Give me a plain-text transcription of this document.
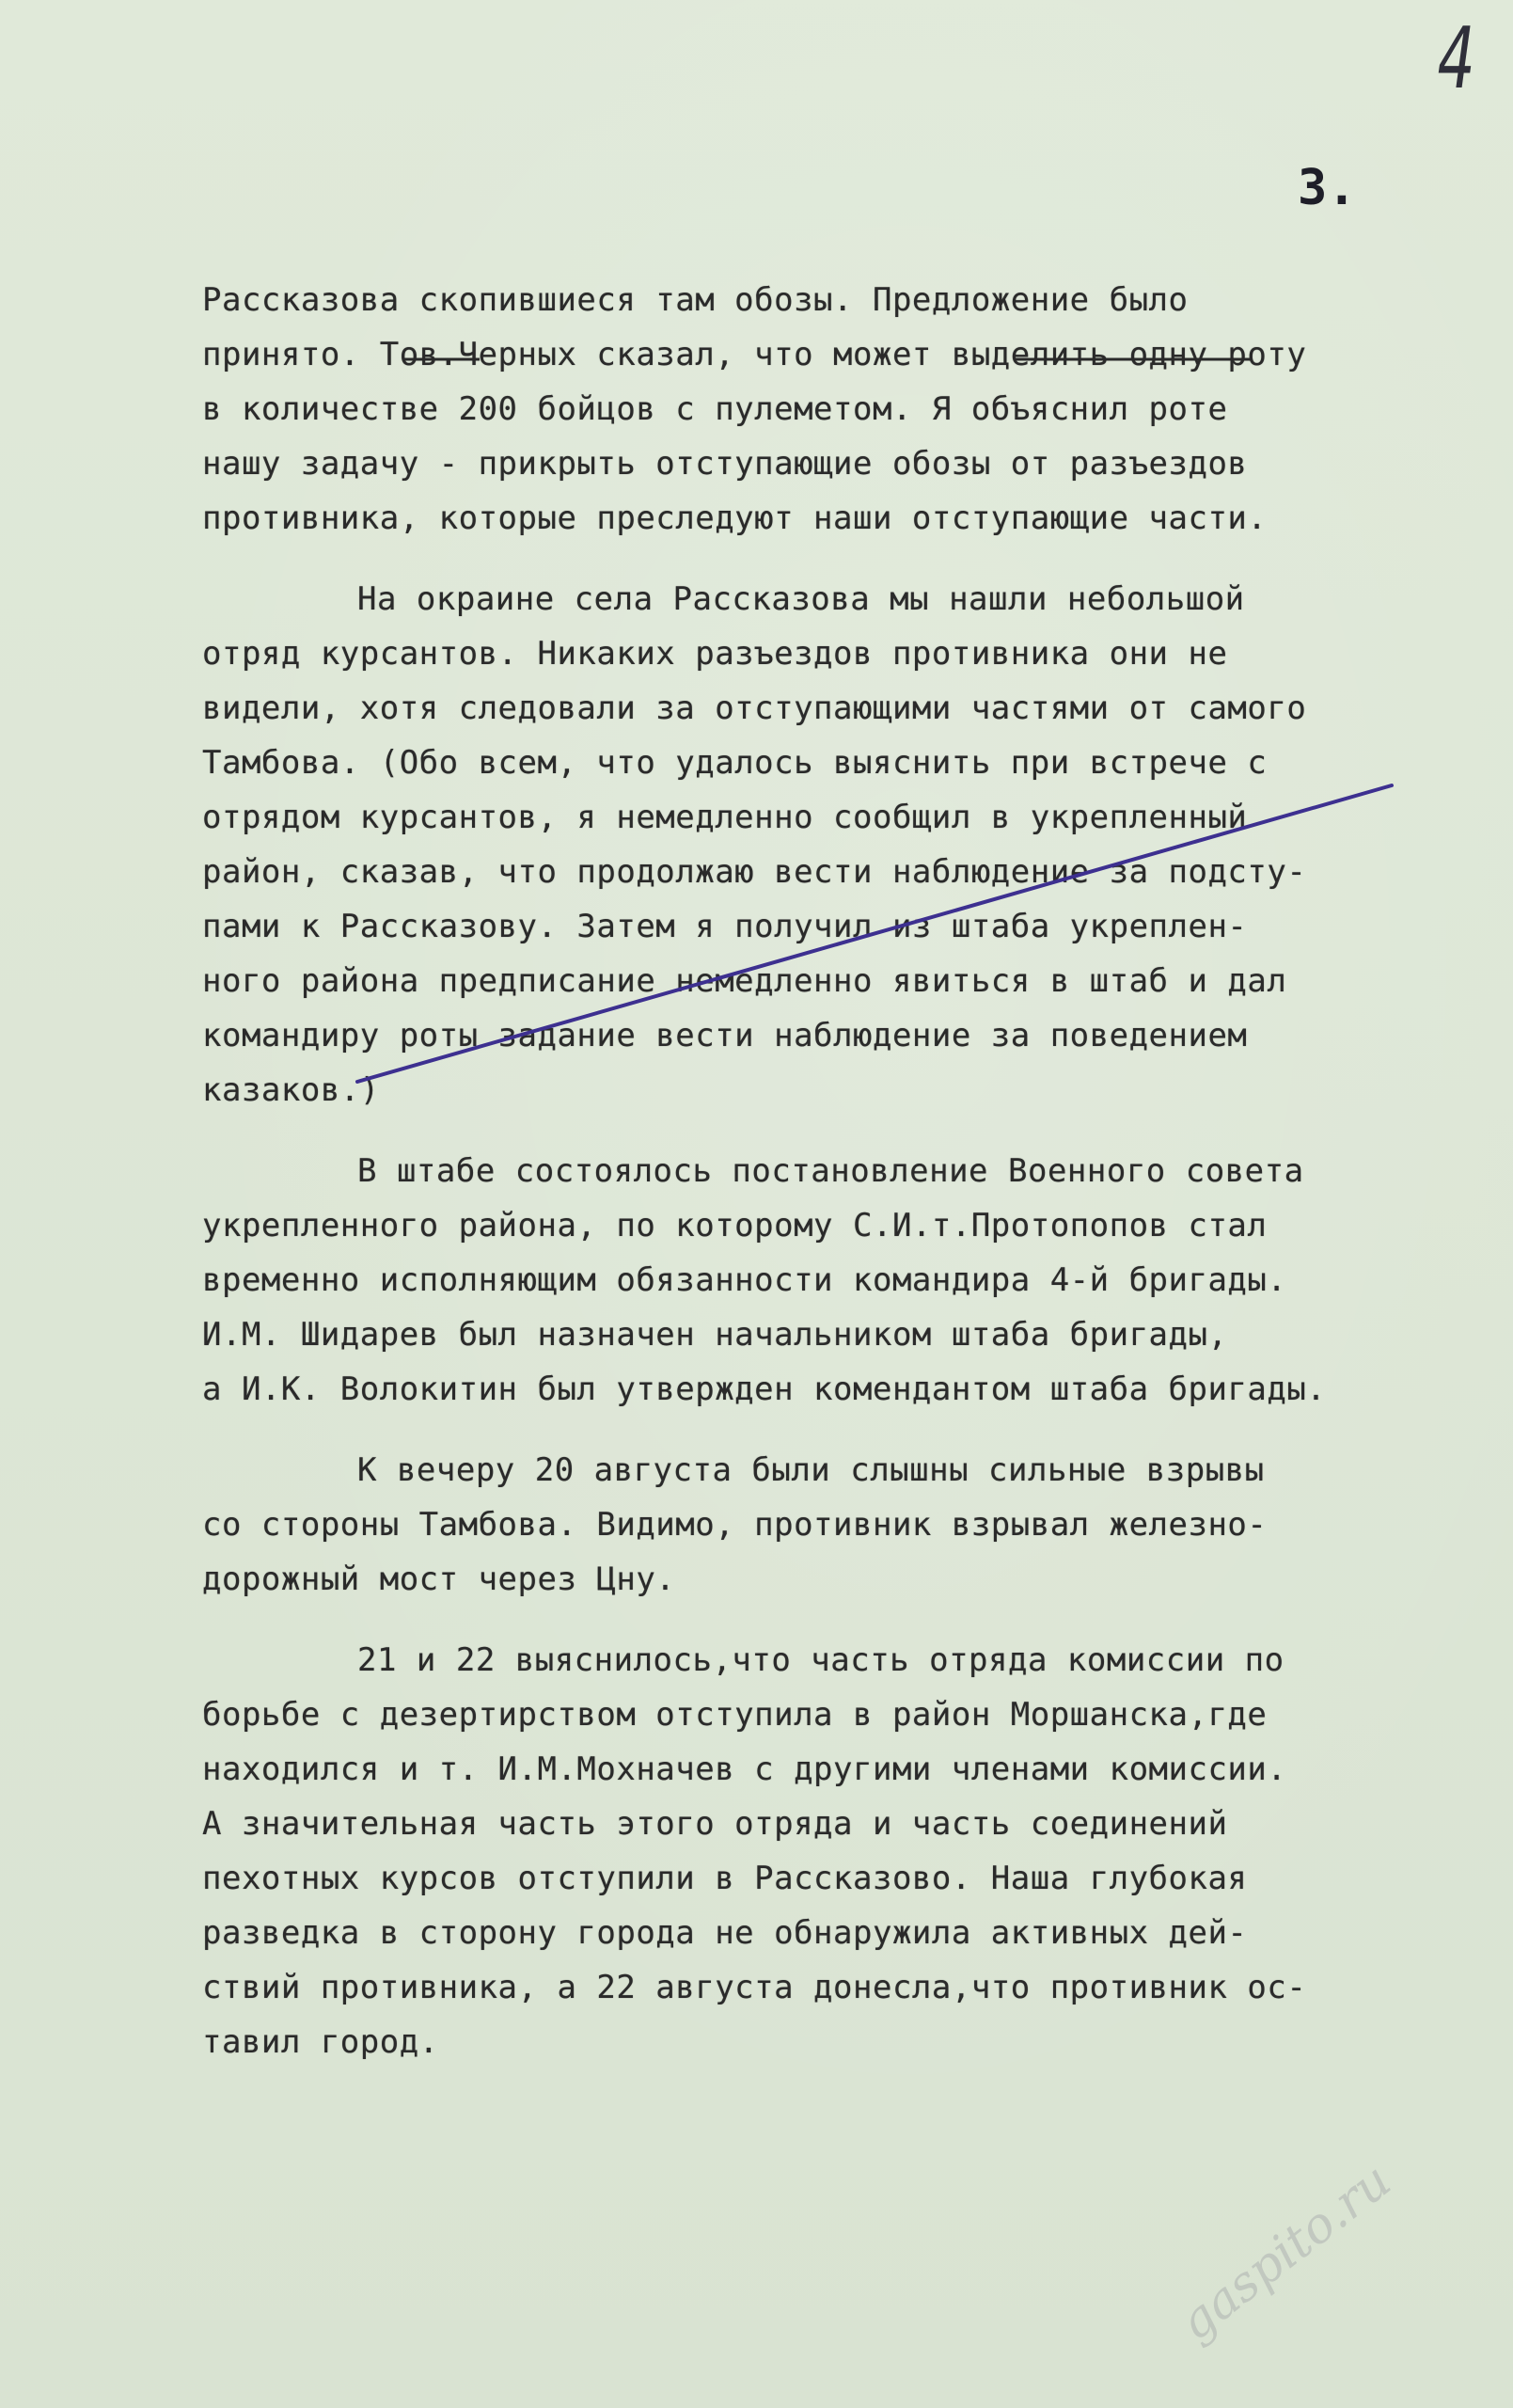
4
3.

Рассказова скопившиеся там обозы. Предложение было
принято. Тов.Черных сказал, что может выделить одну роту
в количестве 200 бойцов с пулеметом. Я объяснил роте
нашу задачу - прикрыть отступающие обозы от разъездов
противника, которые преследуют наши отступающие части.

На окраине села Рассказова мы нашли небольшой
отряд курсантов. Никаких разъездов противника они не
видели, хотя следовали за отступающими частями от самого
Тамбова. (Обо всем, что удалось выяснить при встрече с
отрядом курсантов, я немедленно сообщил в укрепленный
район, сказав, что продолжаю вести наблюдение за подсту-
пами к Рассказову. Затем я получил из штаба укреплен-
ного района предписание немедленно явиться в штаб и дал
командиру роты задание вести наблюдение за поведением
казаков.)

В штабе состоялось постановление Военного совета
укрепленного района, по которому С.И.т.Протопопов стал
временно исполняющим обязанности командира 4-й бригады.
И.М. Шидарев был назначен начальником штаба бригады,
а И.К. Волокитин был утвержден комендантом штаба бригады.

К вечеру 20 августа были слышны сильные взрывы
со стороны Тамбова. Видимо, противник взрывал железно-
дорожный мост через Цну.

21 и 22 выяснилось,что часть отряда комиссии по
борьбе с дезертирством отступила в район Моршанска,где
находился и т. И.М.Мохначев с другими членами комиссии.
А значительная часть этого отряда и часть соединений
пехотных курсов отступили в Рассказово. Наша глубокая
разведка в сторону города не обнаружила активных дей-
ствий противника, а 22 августа донесла,что противник ос-
тавил город.

gaspito.ru
